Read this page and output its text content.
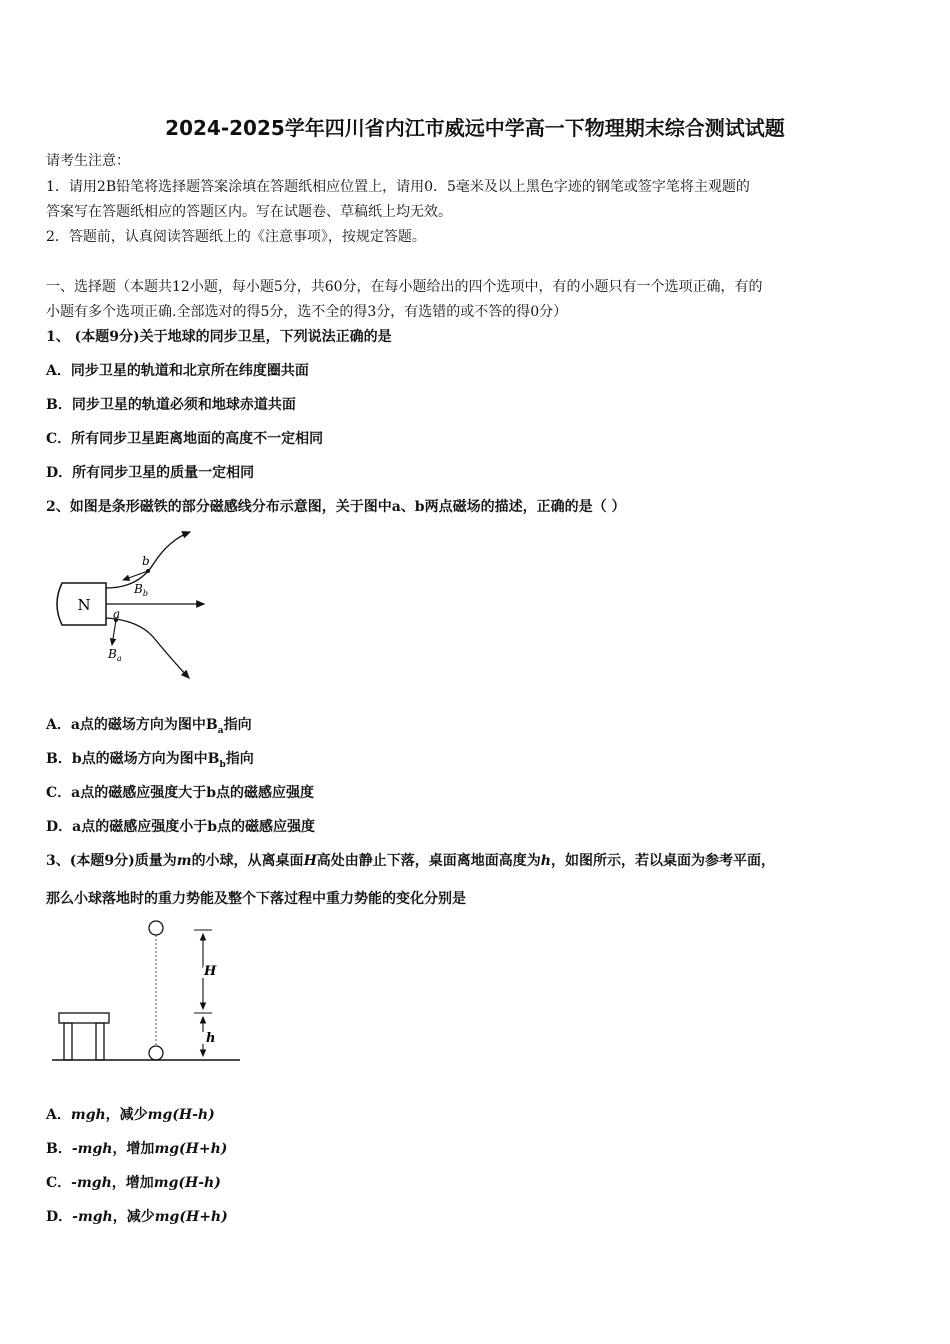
2024-2025学年四川省内江市威远中学高一下物理期末综合测试试题
请考生注意：
1．请用2B铅笔将选择题答案涂填在答题纸相应位置上，请用0．5毫米及以上黑色字迹的钢笔或签字笔将主观题的
答案写在答题纸相应的答题区内。写在试题卷、草稿纸上均无效。
2．答题前，认真阅读答题纸上的《注意事项》，按规定答题。
一、选择题（本题共12小题，每小题5分，共60分，在每小题给出的四个选项中，有的小题只有一个选项正确，有的
小题有多个选项正确.全部选对的得5分，选不全的得3分，有选错的或不答的得0分）
1、 (本题9分)关于地球的同步卫星，下列说法正确的是
A．同步卫星的轨道和北京所在纬度圈共面
B．同步卫星的轨道必须和地球赤道共面
C．所有同步卫星距离地面的高度不一定相同
D．所有同步卫星的质量一定相同
2、如图是条形磁铁的部分磁感线分布示意图，关于图中a、b两点磁场的描述，正确的是（ ）
N
b
$B_b$
a
$B_a$
A．a点的磁场方向为图中$B_a$指向
B．b点的磁场方向为图中$B_b$指向
C．a点的磁感应强度大于b点的磁感应强度
D．a点的磁感应强度小于b点的磁感应强度
3、(本题9分)质量为m的小球，从离桌面H高处由静止下落，桌面离地面高度为h，如图所示，若以桌面为参考平面，
那么小球落地时的重力势能及整个下落过程中重力势能的变化分别是
H
h
A．mgh，减少mg(H-h)
B．-mgh，增加mg(H+h)
C．-mgh，增加mg(H-h)
D．-mgh，减少mg(H+h)
